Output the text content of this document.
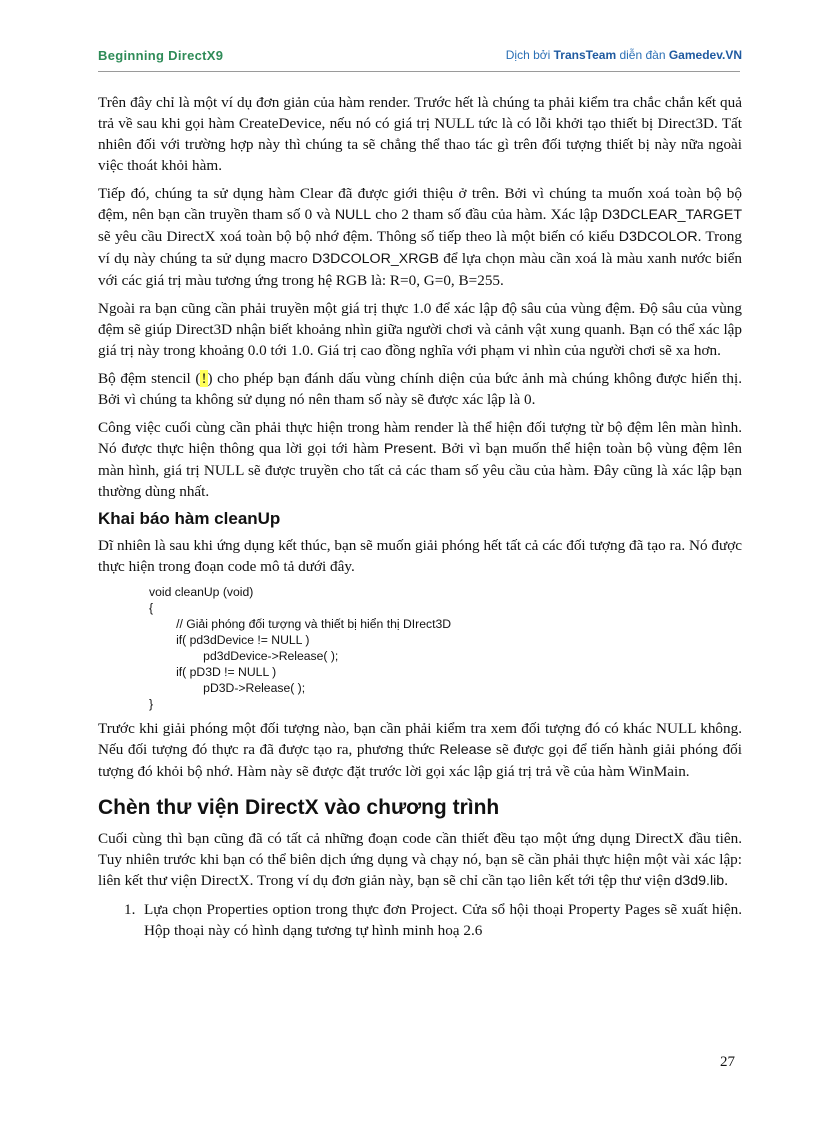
Beginning DirectX9	Dịch bởi TransTeam diễn đàn Gamedev.VN

Trên đây chỉ là một ví dụ đơn giản của hàm render. Trước hết là chúng ta phải kiểm tra chắc chắn kết quả trả về sau khi gọi hàm CreateDevice, nếu nó có giá trị NULL tức là có lỗi khởi tạo thiết bị Direct3D. Tất nhiên đối với trường hợp này thì chúng ta sẽ chẳng thể thao tác gì trên đối tượng thiết bị này nữa ngoài việc thoát khỏi hàm.

Tiếp đó, chúng ta sử dụng hàm Clear đã được giới thiệu ở trên. Bởi vì chúng ta muốn xoá toàn bộ bộ đệm, nên bạn cần truyền tham số 0 và NULL cho 2 tham số đầu của hàm. Xác lập D3DCLEAR_TARGET sẽ yêu cầu DirectX xoá toàn bộ bộ nhớ đệm. Thông số tiếp theo là một biến có kiểu D3DCOLOR. Trong ví dụ này chúng ta sử dụng macro D3DCOLOR_XRGB để lựa chọn màu cần xoá là màu xanh nước biển với các giá trị màu tương ứng trong hệ RGB là: R=0, G=0, B=255.

Ngoài ra bạn cũng cần phải truyền một giá trị thực 1.0 để xác lập độ sâu của vùng đệm. Độ sâu của vùng đệm sẽ giúp Direct3D nhận biết khoảng nhìn giữa người chơi và cảnh vật xung quanh. Bạn có thể xác lập giá trị này trong khoảng 0.0 tới 1.0. Giá trị cao đồng nghĩa với phạm vi nhìn của người chơi sẽ xa hơn.

Bộ đệm stencil (!) cho phép bạn đánh dấu vùng chính diện của bức ảnh mà chúng không được hiển thị. Bởi vì chúng ta không sử dụng nó nên tham số này sẽ được xác lập là 0.

Công việc cuối cùng cần phải thực hiện trong hàm render là thể hiện đối tượng từ bộ đệm lên màn hình. Nó được thực hiện thông qua lời gọi tới hàm Present. Bởi vì bạn muốn thể hiện toàn bộ vùng đệm lên màn hình, giá trị NULL sẽ được truyền cho tất cả các tham số yêu cầu của hàm. Đây cũng là xác lập bạn thường dùng nhất.

Khai báo hàm cleanUp

Dĩ nhiên là sau khi ứng dụng kết thúc, bạn sẽ muốn giải phóng hết tất cả các đối tượng đã tạo ra. Nó được thực hiện trong đoạn code mô tả dưới đây.

void cleanUp (void)
{
// Giải phóng đối tượng và thiết bị hiển thị DIrect3D
if( pd3dDevice != NULL )
pd3dDevice->Release( );
if( pD3D != NULL )
pD3D->Release( );
}

Trước khi giải phóng một đối tượng nào, bạn cần phải kiểm tra xem đối tượng đó có khác NULL không. Nếu đối tượng đó thực ra đã được tạo ra, phương thức Release sẽ được gọi để tiến hành giải phóng đối tượng đó khỏi bộ nhớ. Hàm này sẽ được đặt trước lời gọi xác lập giá trị trả về của hàm WinMain.

Chèn thư viện DirectX vào chương trình

Cuối cùng thì bạn cũng đã có tất cả những đoạn code cần thiết đều tạo một ứng dụng DirectX đầu tiên. Tuy nhiên trước khi bạn có thể biên dịch ứng dụng và chạy nó, bạn sẽ cần phải thực hiện một vài xác lập: liên kết thư viện DirectX. Trong ví dụ đơn giản này, bạn sẽ chỉ cần tạo liên kết tới tệp thư viện d3d9.lib.

1. Lựa chọn Properties option trong thực đơn Project. Cửa sổ hội thoại Property Pages sẽ xuất hiện. Hộp thoại này có hình dạng tương tự hình minh hoạ 2.6
27
